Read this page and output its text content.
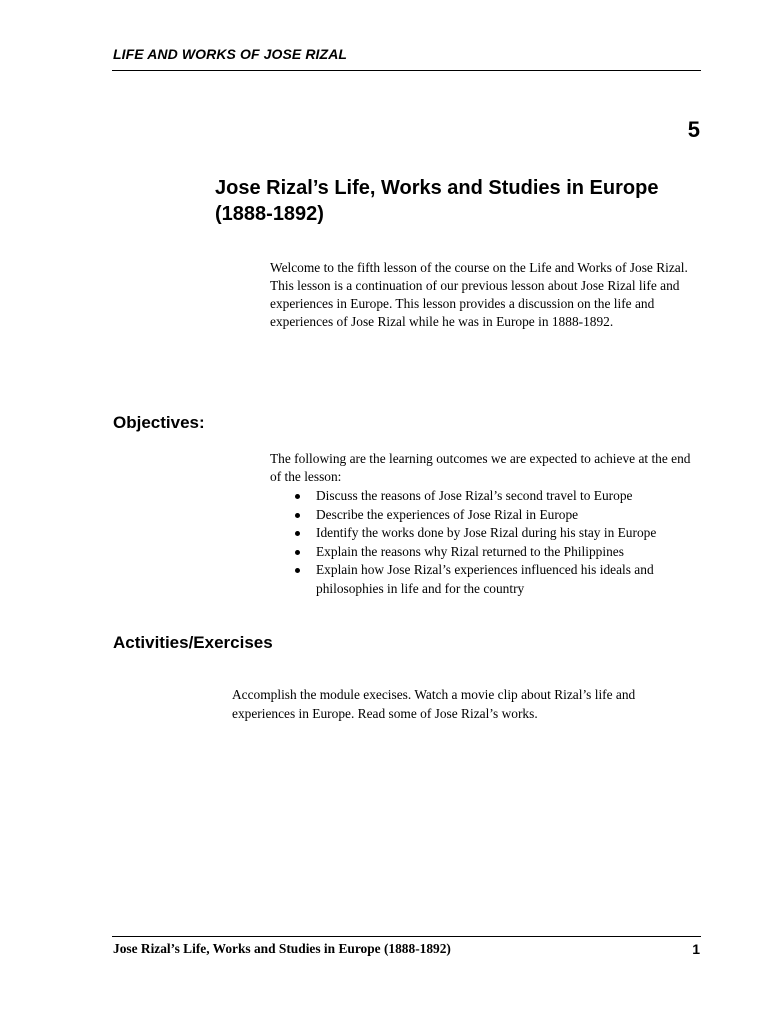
LIFE AND WORKS OF JOSE RIZAL
5
Jose Rizal’s Life, Works and Studies in Europe (1888-1892)
Welcome to the fifth lesson of the course on the Life and Works of Jose Rizal. This lesson is a continuation of our previous lesson about Jose Rizal life and experiences in Europe. This lesson provides a discussion on the life and experiences of Jose Rizal while he was in Europe in 1888-1892.
Objectives:
The following are the learning outcomes we are expected to achieve at the end of the lesson:
Discuss the reasons of Jose Rizal’s second travel to Europe
Describe the experiences of Jose Rizal in Europe
Identify the works done by Jose Rizal during his stay in Europe
Explain the reasons why Rizal returned to the Philippines
Explain how Jose Rizal’s experiences influenced his ideals and philosophies in life and for the country
Activities/Exercises
Accomplish the module execises. Watch a movie clip about Rizal’s life and experiences in Europe. Read some of Jose Rizal’s works.
Jose Rizal’s Life, Works and Studies in Europe (1888-1892)	1
